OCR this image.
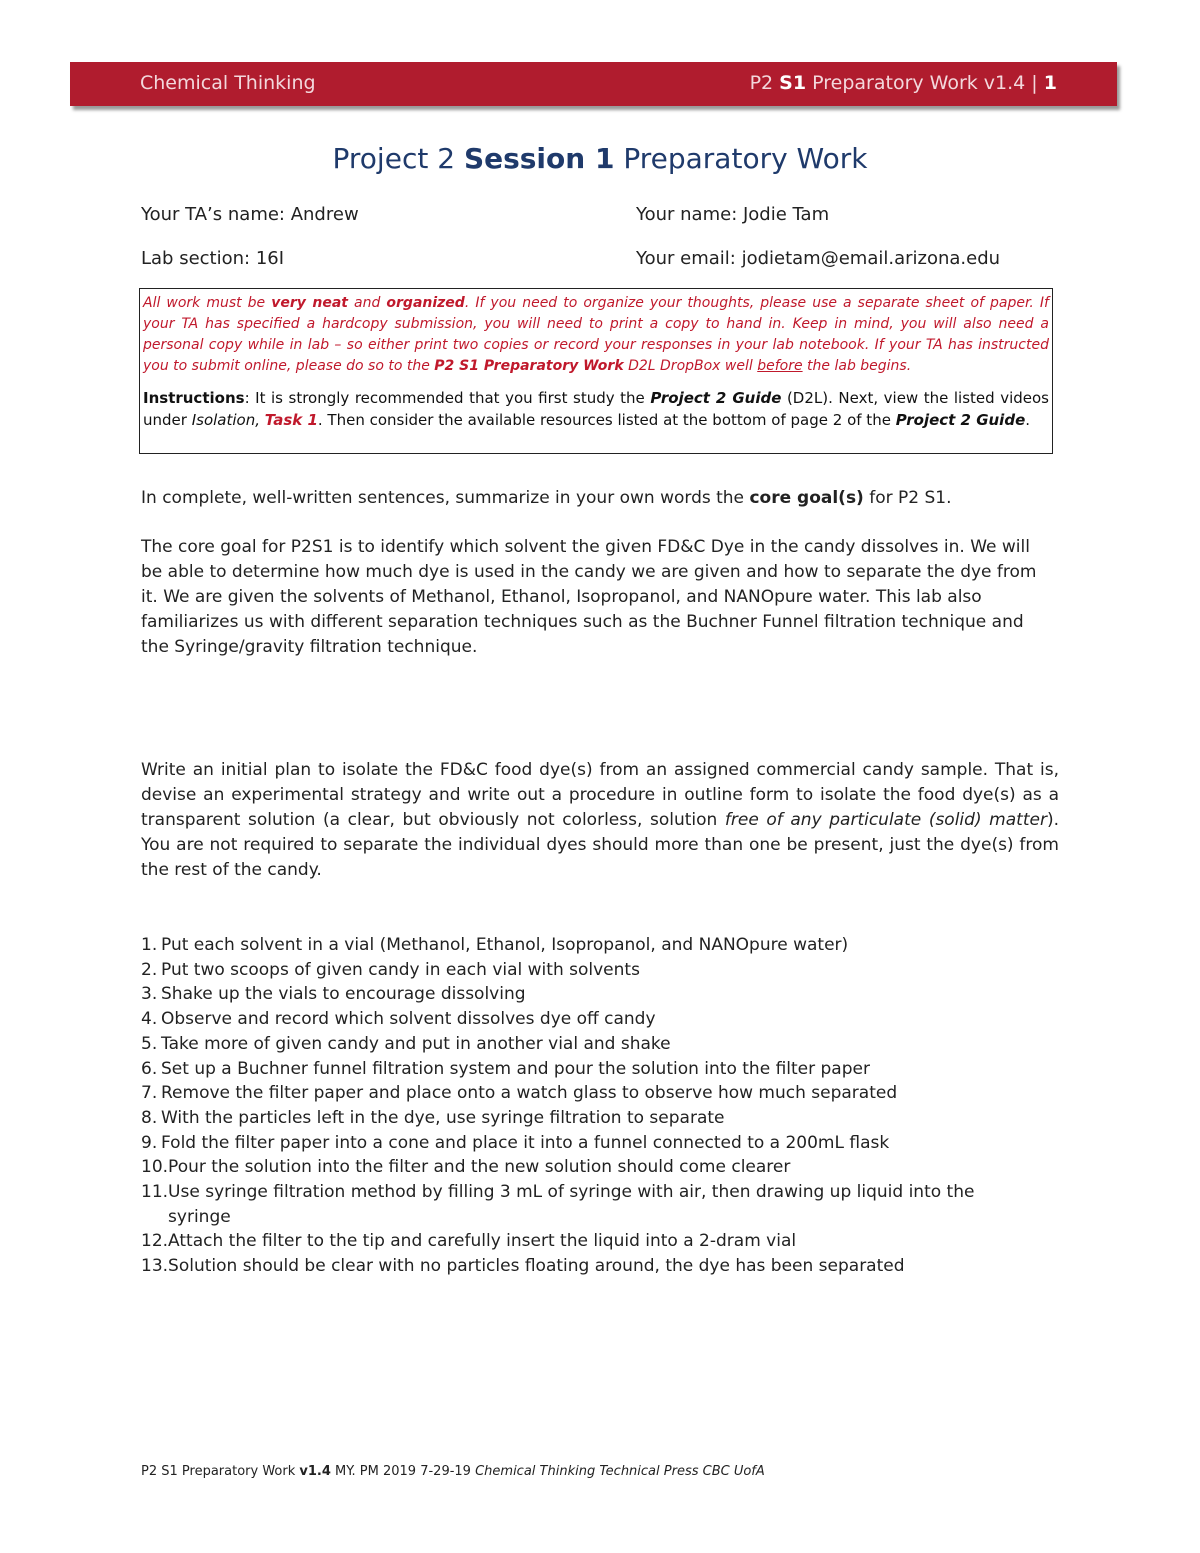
Chemical Thinking	P2 S1 Preparatory Work v1.4 | 1
Project 2 Session 1 Preparatory Work
Your TA’s name: Andrew	Your name: Jodie Tam
Lab section: 16I	Your email: jodietam@email.arizona.edu
All work must be very neat and organized. If you need to organize your thoughts, please use a separate sheet of paper. If your TA has specified a hardcopy submission, you will need to print a copy to hand in. Keep in mind, you will also need a personal copy while in lab – so either print two copies or record your responses in your lab notebook. If your TA has instructed you to submit online, please do so to the P2 S1 Preparatory Work D2L DropBox well before the lab begins.
Instructions: It is strongly recommended that you first study the Project 2 Guide (D2L). Next, view the listed videos under Isolation, Task 1. Then consider the available resources listed at the bottom of page 2 of the Project 2 Guide.
In complete, well-written sentences, summarize in your own words the core goal(s) for P2 S1.
The core goal for P2S1 is to identify which solvent the given FD&C Dye in the candy dissolves in. We will be able to determine how much dye is used in the candy we are given and how to separate the dye from it. We are given the solvents of Methanol, Ethanol, Isopropanol, and NANOpure water. This lab also familiarizes us with different separation techniques such as the Buchner Funnel filtration technique and the Syringe/gravity filtration technique.
Write an initial plan to isolate the FD&C food dye(s) from an assigned commercial candy sample. That is, devise an experimental strategy and write out a procedure in outline form to isolate the food dye(s) as a transparent solution (a clear, but obviously not colorless, solution free of any particulate (solid) matter). You are not required to separate the individual dyes should more than one be present, just the dye(s) from the rest of the candy.
1. Put each solvent in a vial (Methanol, Ethanol, Isopropanol, and NANOpure water)
2. Put two scoops of given candy in each vial with solvents
3. Shake up the vials to encourage dissolving
4. Observe and record which solvent dissolves dye off candy
5. Take more of given candy and put in another vial and shake
6. Set up a Buchner funnel filtration system and pour the solution into the filter paper
7. Remove the filter paper and place onto a watch glass to observe how much separated
8. With the particles left in the dye, use syringe filtration to separate
9. Fold the filter paper into a cone and place it into a funnel connected to a 200mL flask
10. Pour the solution into the filter and the new solution should come clearer
11. Use syringe filtration method by filling 3 mL of syringe with air, then drawing up liquid into the syringe
12. Attach the filter to the tip and carefully insert the liquid into a 2-dram vial
13. Solution should be clear with no particles floating around, the dye has been separated
P2 S1 Preparatory Work v1.4 MY. PM 2019 7-29-19 Chemical Thinking Technical Press CBC UofA
